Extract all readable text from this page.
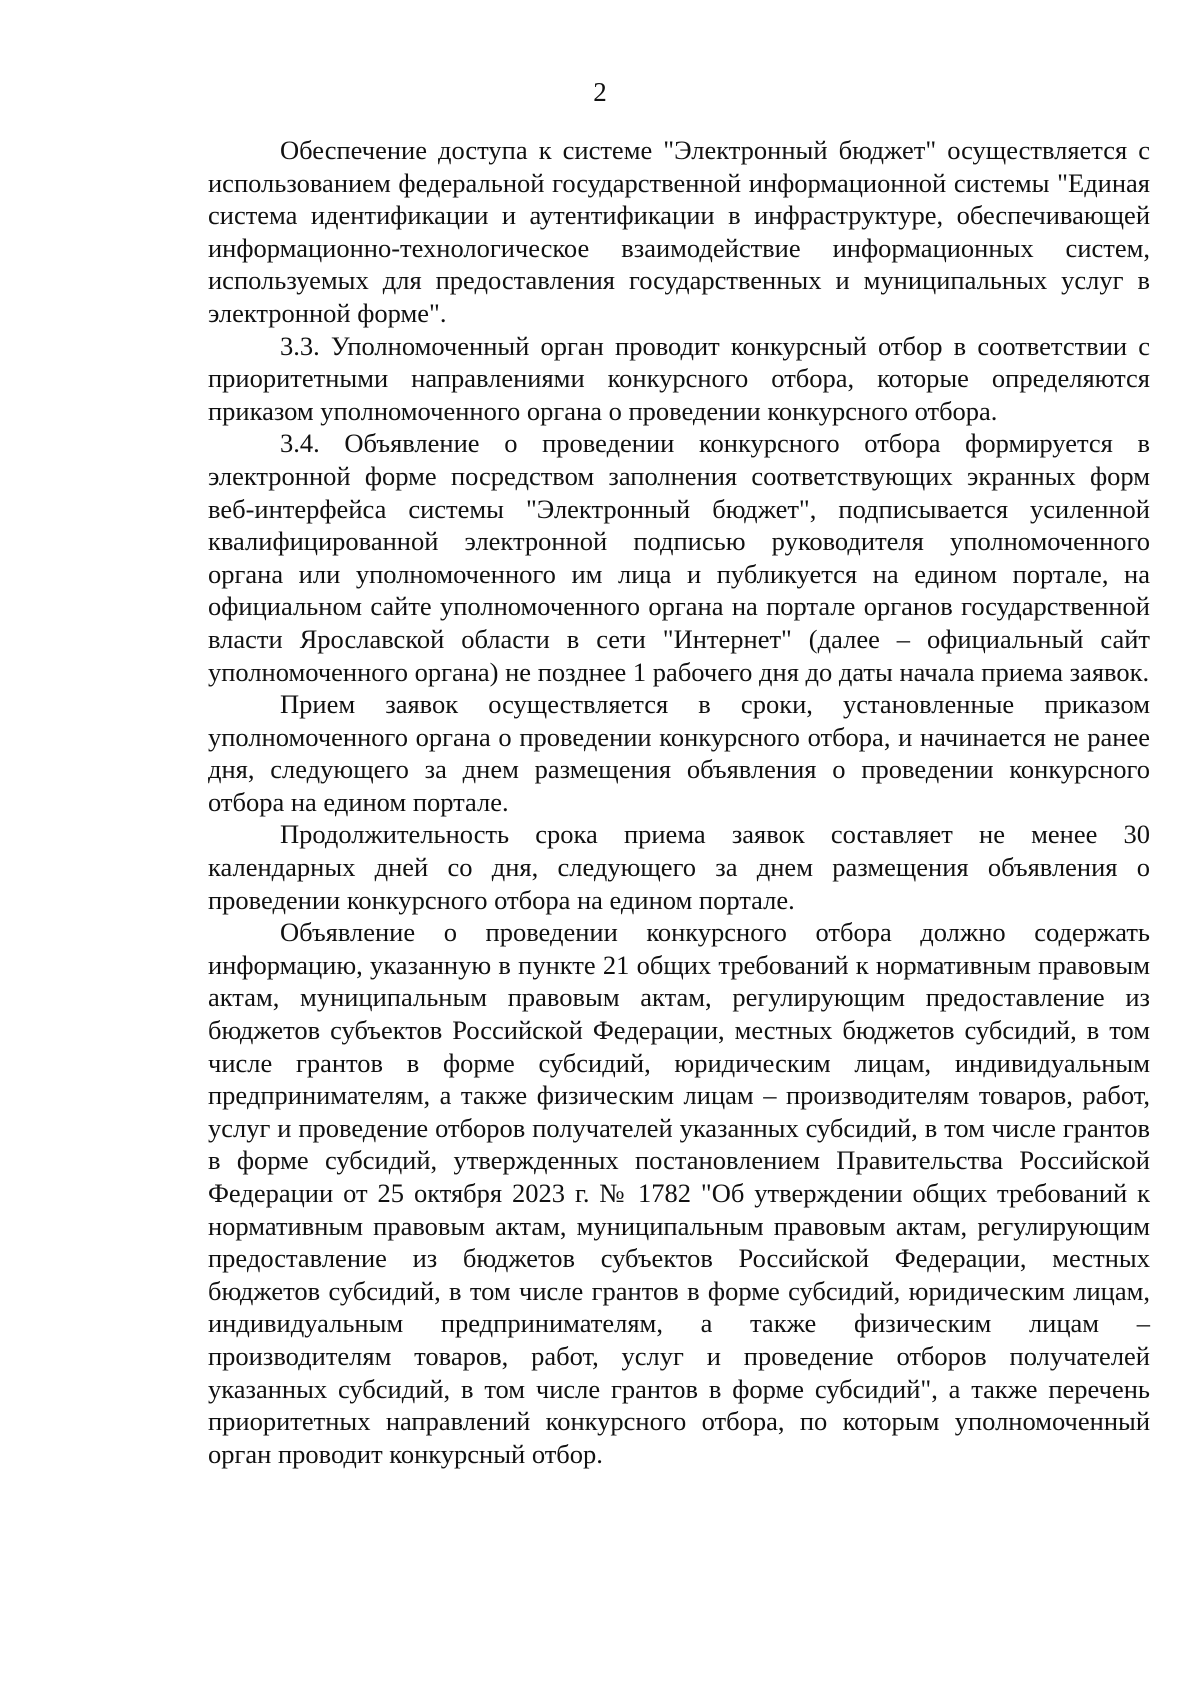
2

Обеспечение доступа к системе "Электронный бюджет" осуществляется с использованием федеральной государственной информационной системы "Единая система идентификации и аутентификации в инфраструктуре, обеспечивающей информационно-технологическое взаимодействие информационных систем, используемых для предоставления государственных и муниципальных услуг в электронной форме".

3.3. Уполномоченный орган проводит конкурсный отбор в соответствии с приоритетными направлениями конкурсного отбора, которые определяются приказом уполномоченного органа о проведении конкурсного отбора.

3.4. Объявление о проведении конкурсного отбора формируется в электронной форме посредством заполнения соответствующих экранных форм веб-интерфейса системы "Электронный бюджет", подписывается усиленной квалифицированной электронной подписью руководителя уполномоченного органа или уполномоченного им лица и публикуется на едином портале, на официальном сайте уполномоченного органа на портале органов государственной власти Ярославской области в сети "Интернет" (далее – официальный сайт уполномоченного органа) не позднее 1 рабочего дня до даты начала приема заявок.

Прием заявок осуществляется в сроки, установленные приказом уполномоченного органа о проведении конкурсного отбора, и начинается не ранее дня, следующего за днем размещения объявления о проведении конкурсного отбора на едином портале.

Продолжительность срока приема заявок составляет не менее 30 календарных дней со дня, следующего за днем размещения объявления о проведении конкурсного отбора на едином портале.

Объявление о проведении конкурсного отбора должно содержать информацию, указанную в пункте 21 общих требований к нормативным правовым актам, муниципальным правовым актам, регулирующим предоставление из бюджетов субъектов Российской Федерации, местных бюджетов субсидий, в том числе грантов в форме субсидий, юридическим лицам, индивидуальным предпринимателям, а также физическим лицам – производителям товаров, работ, услуг и проведение отборов получателей указанных субсидий, в том числе грантов в форме субсидий, утвержденных постановлением Правительства Российской Федерации от 25 октября 2023 г. № 1782 "Об утверждении общих требований к нормативным правовым актам, муниципальным правовым актам, регулирующим предоставление из бюджетов субъектов Российской Федерации, местных бюджетов субсидий, в том числе грантов в форме субсидий, юридическим лицам, индивидуальным предпринимателям, а также физическим лицам – производителям товаров, работ, услуг и проведение отборов получателей указанных субсидий, в том числе грантов в форме субсидий", а также перечень приоритетных направлений конкурсного отбора, по которым уполномоченный орган проводит конкурсный отбор.
